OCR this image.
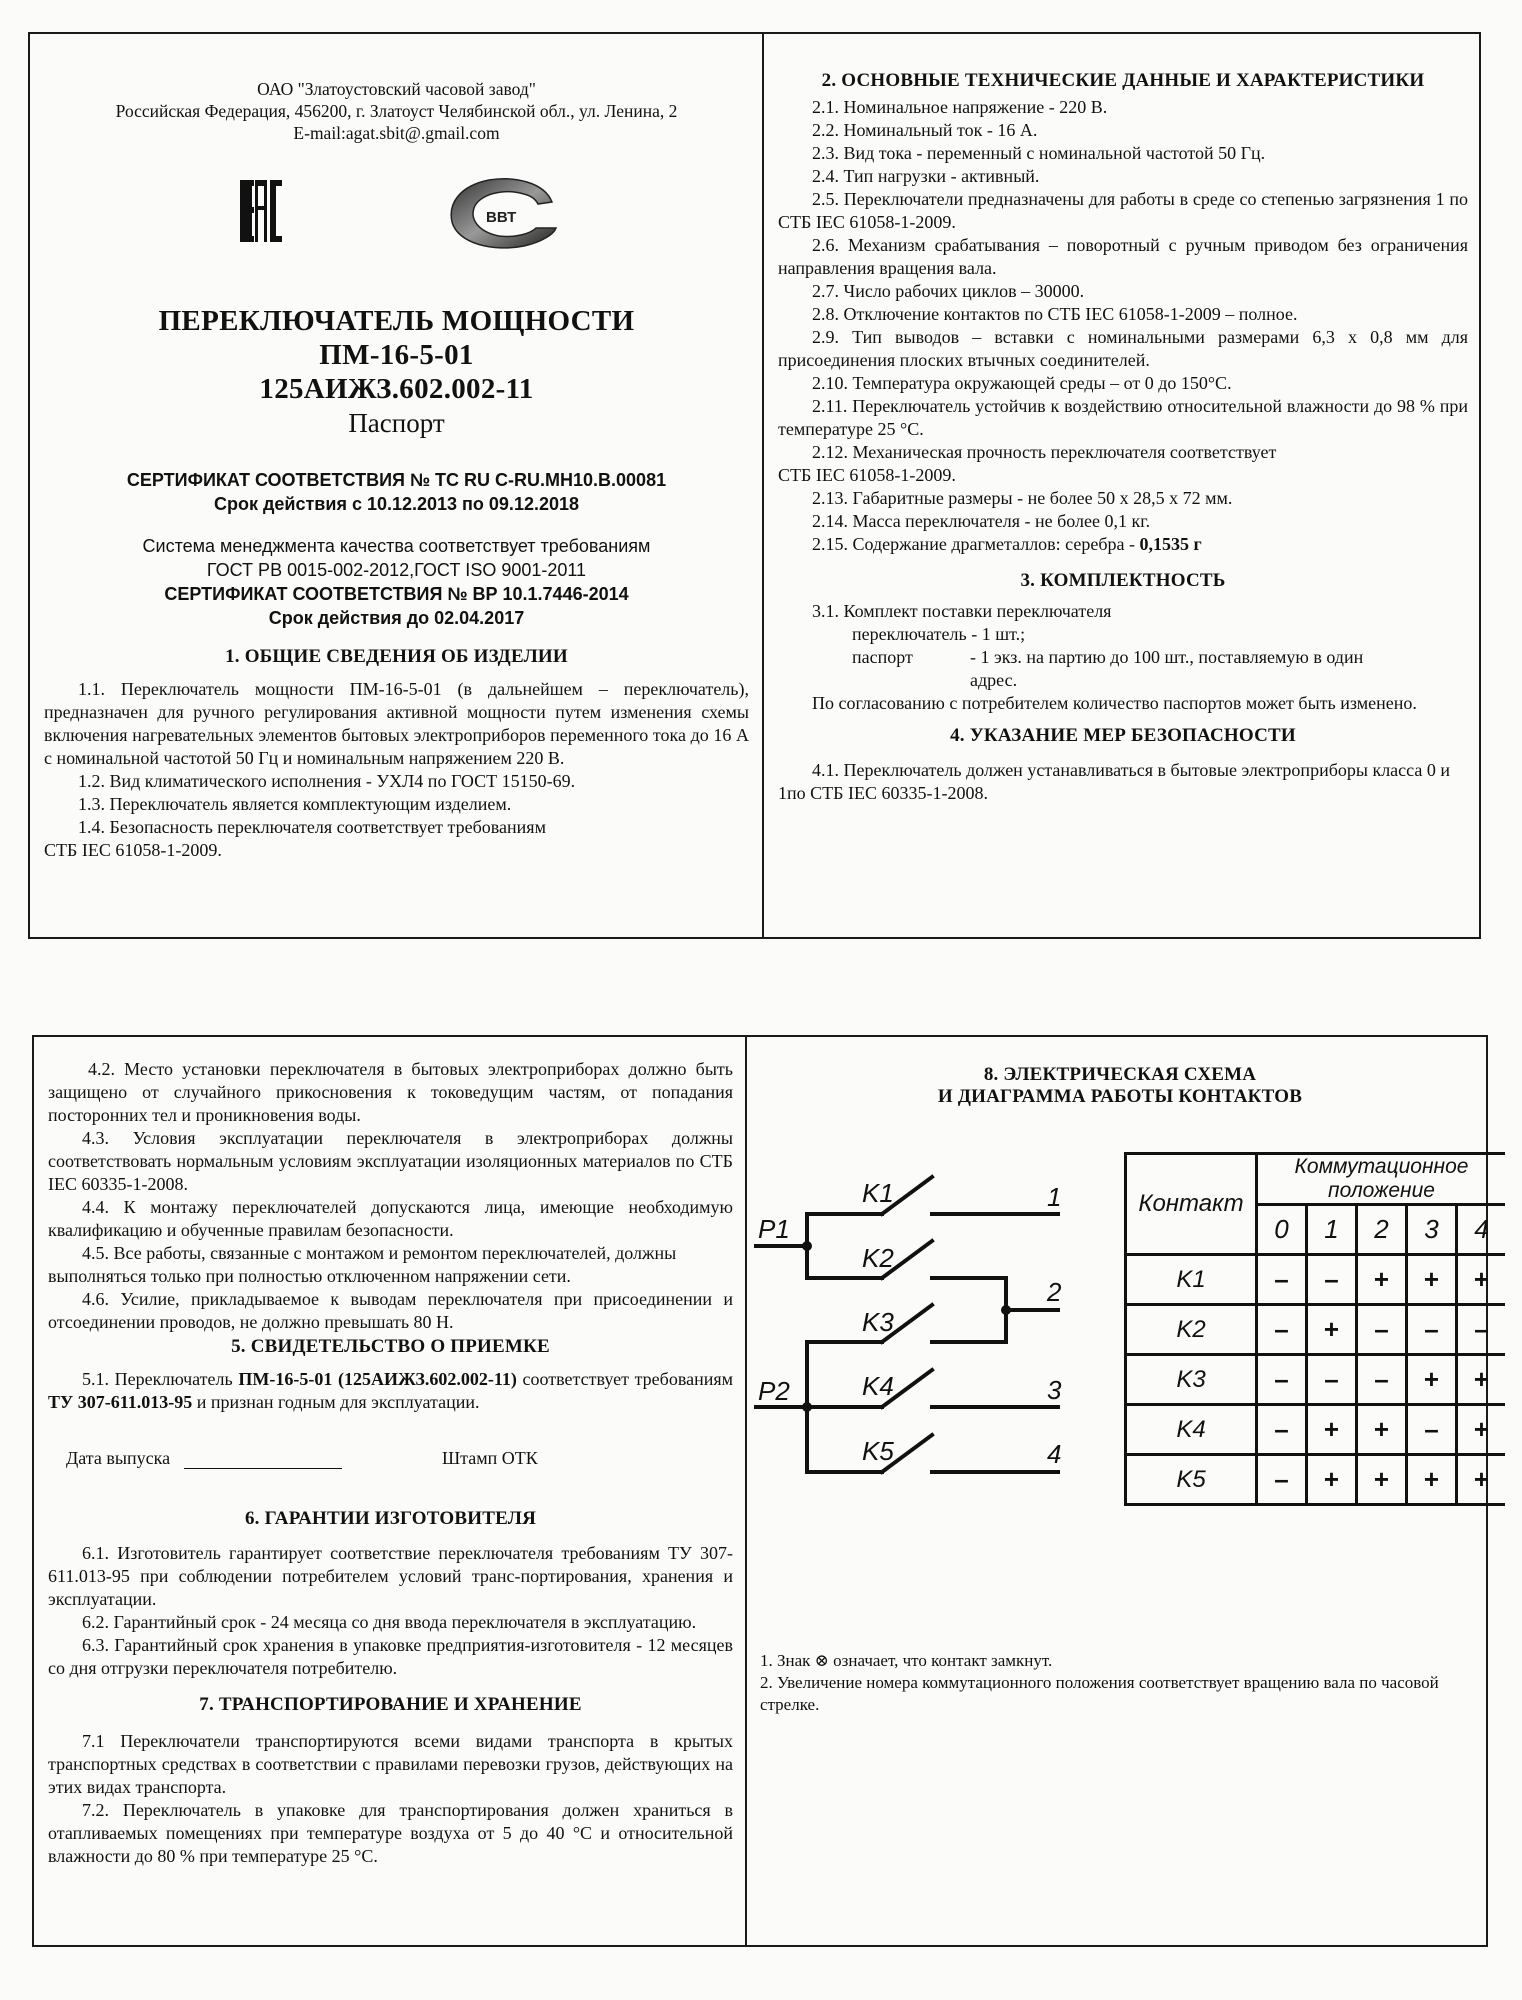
ОАО "Златоустовский часовой завод"
Российская Федерация, 456200, г. Златоуст Челябинской обл., ул. Ленина, 2
E-mail:agat.sbit@.gmail.com
ВВТ
ПЕРЕКЛЮЧАТЕЛЬ МОЩНОСТИ
ПМ-16-5-01
125АИЖЗ.602.002-11
Паспорт
СЕРТИФИКАТ СООТВЕТСТВИЯ № ТС RU C-RU.MH10.B.00081
Срок действия с 10.12.2013 по 09.12.2018
Система менеджмента качества соответствует требованиям
ГОСТ РВ 0015-002-2012,ГОСТ ISO 9001-2011
СЕРТИФИКАТ СООТВЕТСТВИЯ № ВР 10.1.7446-2014
Срок действия до 02.04.2017
1. ОБЩИЕ СВЕДЕНИЯ ОБ ИЗДЕЛИИ

1.1. Переключатель мощности ПМ-16-5-01 (в дальнейшем – переключатель), предназначен для ручного регулирования активной мощности путем изменения схемы включения нагревательных элементов бытовых электроприборов переменного тока до 16 А с номинальной частотой 50 Гц и номинальным напряжением 220 В.

1.2. Вид климатического исполнения - УХЛ4 по ГОСТ 15150-69.

1.3. Переключатель является комплектующим изделием.

1.4. Безопасность переключателя соответствует требованиям

СТБ IEC 61058-1-2009.

2. ОСНОВНЫЕ ТЕХНИЧЕСКИЕ ДАННЫЕ И ХАРАКТЕРИСТИКИ

2.1. Номинальное напряжение - 220 В.

2.2. Номинальный ток - 16 А.

2.3. Вид тока - переменный с номинальной частотой 50 Гц.

2.4. Тип нагрузки - активный.

2.5. Переключатели предназначены для работы в среде со степенью загрязнения 1 по СТБ IEC 61058-1-2009.

2.6. Механизм срабатывания – поворотный с ручным приводом без ограничения направления вращения вала.

2.7. Число рабочих циклов – 30000.

2.8. Отключение контактов по СТБ IEC 61058-1-2009 – полное.

2.9. Тип выводов – вставки с номинальными размерами 6,3 х 0,8 мм для присоединения плоских втычных соединителей.

2.10. Температура окружающей среды – от 0 до 150°С.

2.11. Переключатель устойчив к воздействию относительной влажности до 98 % при температуре 25 °С.

2.12. Механическая прочность переключателя соответствует

СТБ IEC 61058-1-2009.

2.13. Габаритные размеры - не более 50 х 28,5 х 72 мм.

2.14. Масса переключателя - не более 0,1 кг.

2.15. Содержание драгметаллов: серебра - 0,1535 г

3. КОМПЛЕКТНОСТЬ

3.1. Комплект поставки переключателя

переключатель
- 1 шт.;
паспорт	- 1 экз. на партию до 100 шт., поставляемую в один адрес.

По согласованию с потребителем количество паспортов может быть изменено.

4. УКАЗАНИЕ МЕР БЕЗОПАСНОСТИ

4.1. Переключатель должен устанавливаться в бытовые электроприборы класса 0 и 1по СТБ IEC 60335-1-2008.

4.2. Место установки переключателя в бытовых электроприборах должно быть защищено от случайного прикосновения к токоведущим частям, от попадания посторонних тел и проникновения воды.

4.3. Условия эксплуатации переключателя в электроприборах должны соответствовать нормальным условиям эксплуатации изоляционных материалов по СТБ IEC 60335-1-2008.

4.4. К монтажу переключателей допускаются лица, имеющие необходимую квалификацию и обученные правилам безопасности.

4.5. Все работы, связанные с монтажом и ремонтом переключателей, должны выполняться только при полностью отключенном напряжении сети.

4.6. Усилие, прикладываемое к выводам переключателя при присоединении и отсоединении проводов, не должно превышать 80 Н.

5. СВИДЕТЕЛЬСТВО О ПРИЕМКЕ

5.1. Переключатель ПМ-16-5-01 (125АИЖЗ.602.002-11) соответствует требованиям ТУ 307-611.013-95 и признан годным для эксплуатации.

Дата выпуска	Штамп ОТК
6. ГАРАНТИИ ИЗГОТОВИТЕЛЯ

6.1. Изготовитель гарантирует соответствие переключателя требованиям ТУ 307-611.013-95 при соблюдении потребителем условий транс-портирования, хранения и эксплуатации.

6.2. Гарантийный срок - 24 месяца со дня ввода переключателя в эксплуатацию.

6.3. Гарантийный срок хранения в упаковке предприятия-изготовителя - 12 месяцев со дня отгрузки переключателя потребителю.

7. ТРАНСПОРТИРОВАНИЕ И ХРАНЕНИЕ

7.1 Переключатели транспортируются всеми видами транспорта в крытых транспортных средствах в соответствии с правилами перевозки грузов, действующих на этих видах транспорта.

7.2. Переключатель в упаковке для транспортирования должен храниться в отапливаемых помещениях при температуре воздуха от 5 до 40 °С и относительной влажности до 80 % при температуре 25 °С.

8. ЭЛЕКТРИЧЕСКАЯ СХЕМА
И ДИАГРАММА РАБОТЫ КОНТАКТОВ
P1
P2
K1
K2
K3
K4
K5
1
2
3
4
Контакт	Коммутационное положение				
	0	1	2	3	4
K1	–	–	+	+	+
K2	–	+	–	–	–
K3	–	–	–	+	+
K4	–	+	+	–	+
K5	–	+	+	+	+

1. Знак ⊗ означает, что контакт замкнут.

2. Увеличение номера коммутационного положения соответствует вращению вала по часовой стрелке.
